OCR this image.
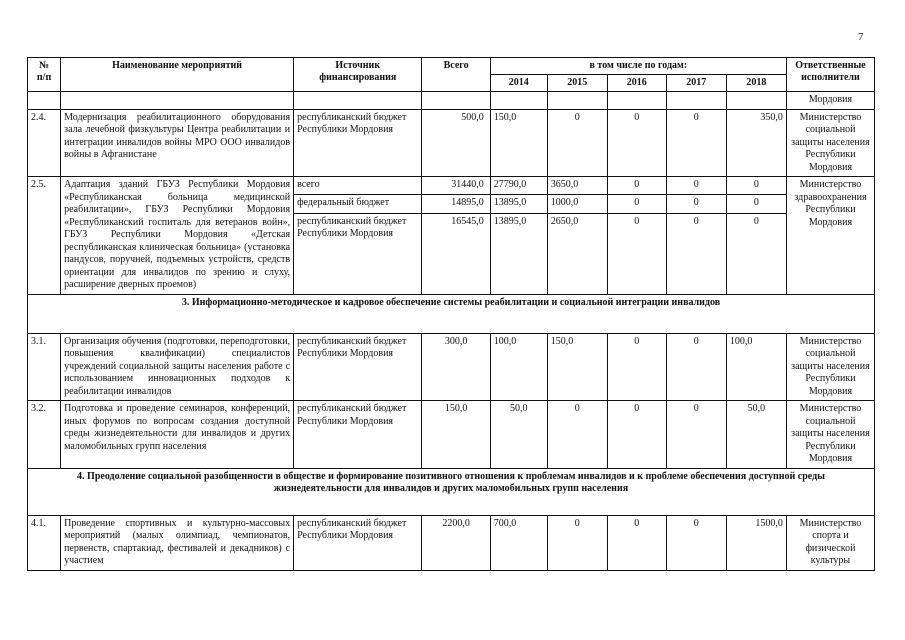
7
№
п/п	Наименование мероприятий	Источник
финансирования	Всего	в том числе по годам:					Ответственные
исполнители
				2014	2015	2016	2017	2018	
									Мордовия
2.4.	Модернизация реабилитационного оборудования зала лечебной физкультуры Центра реабилитации и интеграции инвалидов войны МРО ООО инвалидов войны в Афганистане	республиканский бюджет Республики Мордовия	500,0	150,0	0	0	0	350,0	Министерство социальной защиты населения Республики Мордовия
2.5.	Адаптация зданий ГБУЗ Республики Мордовия «Республиканская больница медицинской реабилитации», ГБУЗ Республики Мордовия «Республиканский госпиталь для ветеранов войн», ГБУЗ Республики Мордовия «Детская республиканская клиническая больница» (установка пандусов, поручней, подъемных устройств, средств ориентации для инвалидов по зрению и слуху, расширение дверных проемов)	всего	31440,0	27790,0	3650,0	0	0	0	Министерство здравоохранения Республики Мордовия
		федеральный бюджет	14895,0	13895,0	1000,0	0	0	0	
		республиканский бюджет Республики Мордовия	16545,0	13895,0	2650,0	0	0	0	
3. Информационно-методическое и кадровое обеспечение системы реабилитации и социальной интеграции инвалидов									
3.1.	Организация обучения (подготовки, переподготовки, повышения квалификации) специалистов учреждений социальной защиты населения работе с использованием инновационных подходов к реабилитации инвалидов	республиканский бюджет Республики Мордовия	300,0	100,0	150,0	0	0	100,0	Министерство социальной защиты населения Республики Мордовия
3.2.	Подготовка и проведение семинаров, конференций, иных форумов по вопросам создания доступной среды жизнедеятельности для инвалидов и других маломобильных групп населения	республиканский бюджет Республики Мордовия	150,0	50,0	0	0	0	50,0	Министерство социальной защиты населения Республики Мордовия
4. Преодоление социальной разобщенности в обществе и формирование позитивного отношения к проблемам инвалидов и к проблеме обеспечения доступной среды жизнедеятельности для инвалидов и других маломобильных групп населения									
4.1.	Проведение спортивных и культурно-массовых мероприятий (малых олимпиад, чемпионатов, первенств, спартакиад, фестивалей и декадников) с участием	республиканский бюджет Республики Мордовия	2200,0	700,0	0	0	0	1500,0	Министерство спорта и физической культуры
